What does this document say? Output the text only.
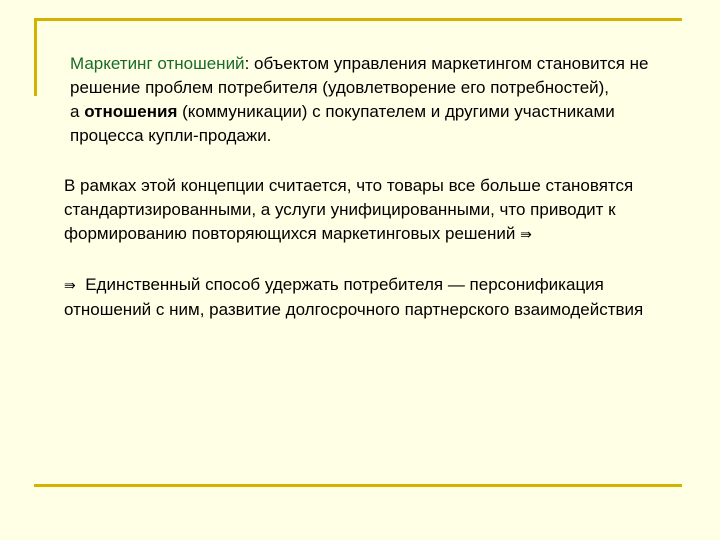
Маркетинг отношений: объектом управления маркетингом становится не решение проблем потребителя (удовлетворение его потребностей),

а отношения (коммуникации) с покупателем и другими участниками процесса купли-продажи.

В рамках этой концепции считается, что товары все больше становятся стандартизированными, а услуги унифицированными, что приводит к формированию повторяющихся маркетинговых решений ⇛

⇛ Единственный способ удержать потребителя — персонификация отношений с ним, развитие долгосрочного партнерского взаимодействия
